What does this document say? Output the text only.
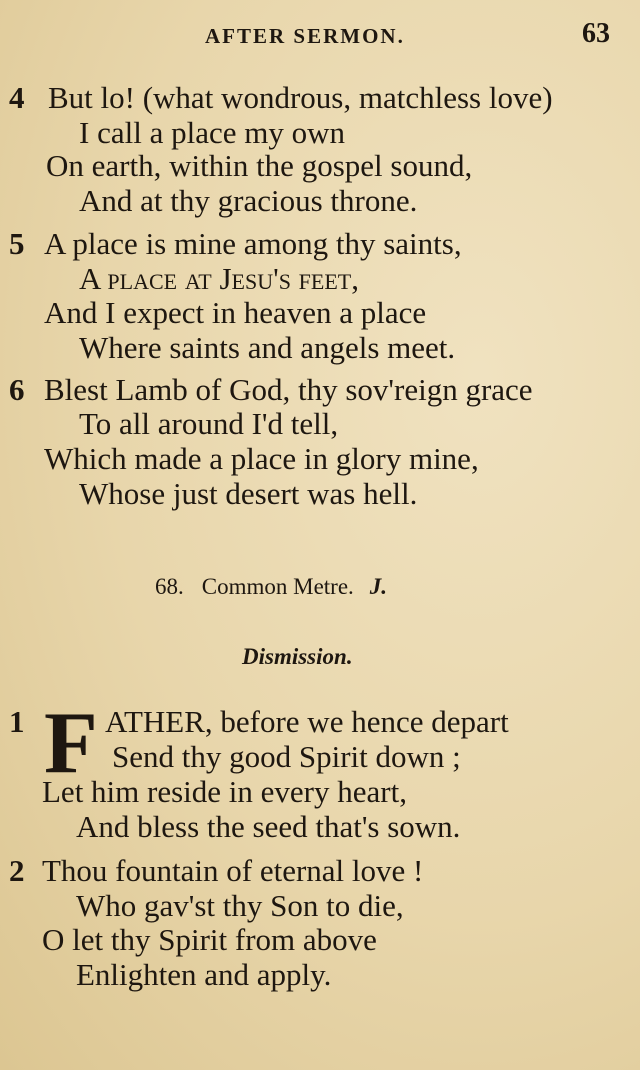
AFTER SERMON.	63
4 But lo! (what wondrous, matchless love)
I call a place my own
On earth, within the gospel sound,
And at thy gracious throne.
5 A place is mine among thy saints,
A place at Jesu's feet,
And I expect in heaven a place
Where saints and angels meet.
6 Blest Lamb of God, thy sov'reign grace
To all around I'd tell,
Which made a place in glory mine,
Whose just desert was hell.
68. Common Metre. J.
Dismission.
1	ATHER, before we hence depart
Send thy good Spirit down ;
Let him reside in every heart,
And bless the seed that's sown.
F
2 Thou fountain of eternal love !
Who gav'st thy Son to die,
O let thy Spirit from above
Enlighten and apply.
